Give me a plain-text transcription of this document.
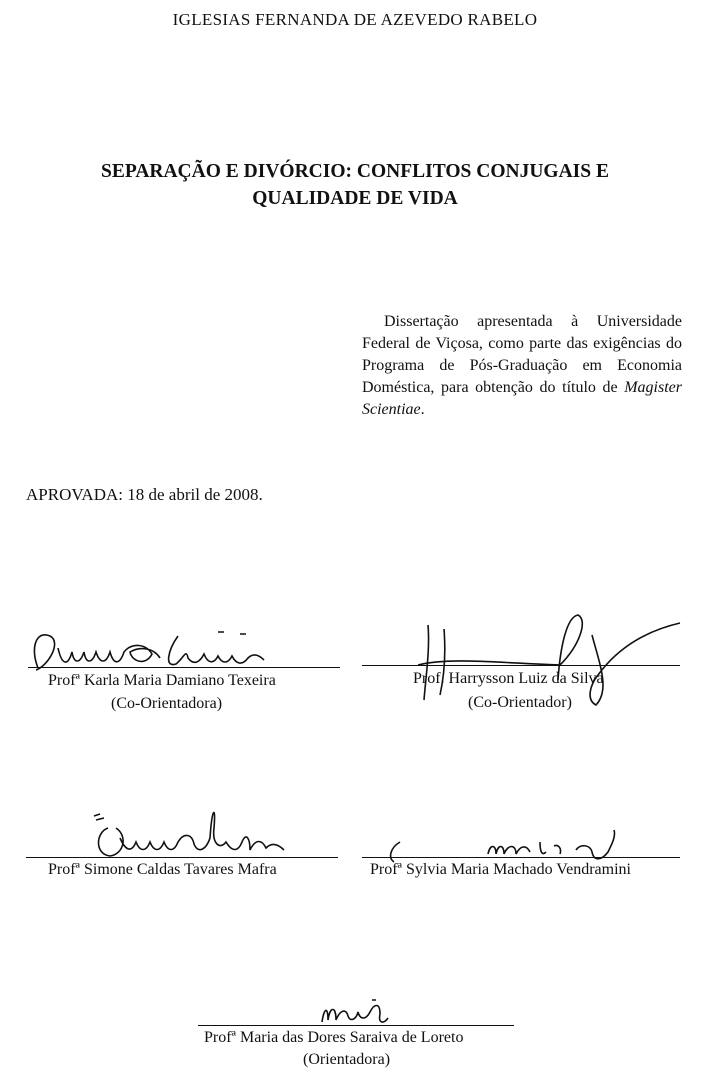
IGLESIAS FERNANDA DE AZEVEDO RABELO
SEPARAÇÃO E DIVÓRCIO: CONFLITOS CONJUGAIS E
QUALIDADE DE VIDA

Dissertação apresentada à Universidade Federal de Viçosa, como parte das exigências do Programa de Pós-Graduação em Economia Doméstica, para obtenção do título de Magister Scientiae.

APROVADA: 18 de abril de 2008.
Profª Karla Maria Damiano Texeira
(Co-Orientadora)
Prof. Harrysson Luiz da Silva
(Co-Orientador)
Profª Simone Caldas Tavares Mafra	Profª Sylvia Maria Machado Vendramini
Profª Maria das Dores Saraiva de Loreto
(Orientadora)
